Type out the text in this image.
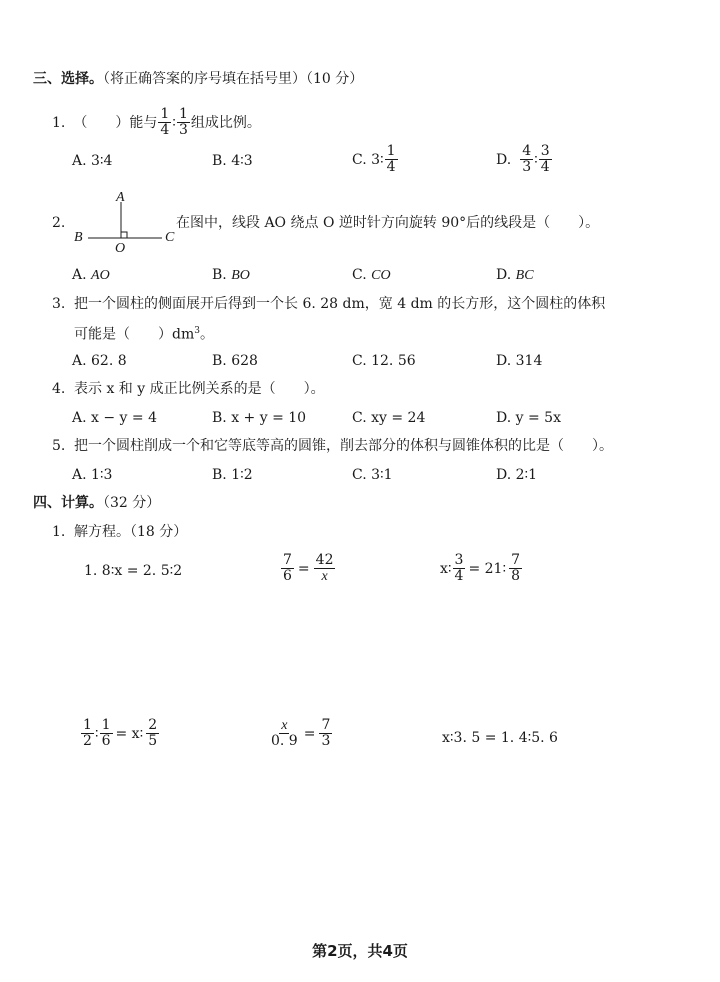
三、选择。（将正确答案的序号填在括号里）（10 分）
1. （　　）能与 $\frac{1}{4}$ ∶ $\frac{1}{3}$ 组成比例。
A. 3∶4	B. 4∶3	C. 3∶ $\frac{1}{4}$	D. $\frac{4}{3}$ ∶ $\frac{3}{4}$
2.
A
B
O
C
在图中，线段 AO 绕点 O 逆时针方向旋转 90°后的线段是（　　）。
A. AO	B. BO	C. CO	D. BC
3. 把一个圆柱的侧面展开后得到一个长 6. 28 dm，宽 4 dm 的长方形，这个圆柱的体积
可能是（　　）$dm^3$。
A. 62. 8	B. 628	C. 12. 56	D. 314
4. 表示 x 和 y 成正比例关系的是（　　）。
A. x − y = 4	B. x + y = 10	C. xy = 24	D. y = 5x
5. 把一个圆柱削成一个和它等底等高的圆锥，削去部分的体积与圆锥体积的比是（　　）。
A. 1∶3	B. 1∶2	C. 3∶1	D. 2∶1
四、计算。（32 分）
1. 解方程。（18 分）
1. 8∶x = 2. 5∶2	$\frac{7}{6} = \frac{42}{x}$	x∶ $\frac{3}{4}$ = 21∶ $\frac{7}{8}$
$\frac{1}{2}$ ∶ $\frac{1}{6}$ = x∶ $\frac{2}{5}$	$\frac{x}{0. 9} = \frac{7}{3}$	x∶3. 5 = 1. 4∶5. 6
第2页，共4页
